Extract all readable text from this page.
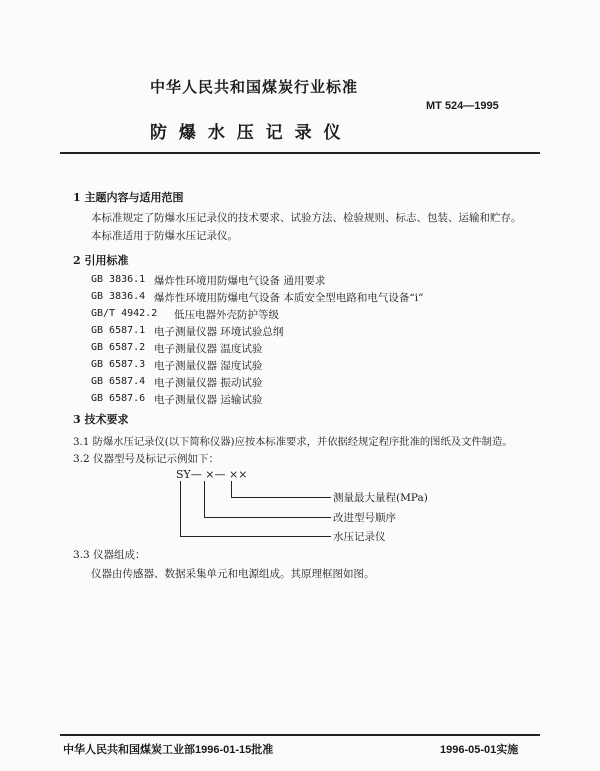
中华人民共和国煤炭行业标准
MT 524—1995
防 爆 水 压 记 录 仪
1 主题内容与适用范围
本标准规定了防爆水压记录仪的技术要求、试验方法、检验规则、标志、包装、运输和贮存。
本标准适用于防爆水压记录仪。
2 引用标准
GB 3836.1 爆炸性环境用防爆电气设备 通用要求
GB 3836.4 爆炸性环境用防爆电气设备 本质安全型电路和电气设备“i”
GB/T 4942.2 低压电器外壳防护等级
GB 6587.1 电子测量仪器 环境试验总纲
GB 6587.2 电子测量仪器 温度试验
GB 6587.3 电子测量仪器 湿度试验
GB 6587.4 电子测量仪器 振动试验
GB 6587.6 电子测量仪器 运输试验
3 技术要求
3.1 防爆水压记录仪(以下简称仪器)应按本标准要求，并依据经规定程序批准的图纸及文件制造。
3.2 仪器型号及标记示例如下：
SY— ×— ××
测量最大量程(MPa)
改进型号顺序
水压记录仪
3.3 仪器组成：
仪器由传感器、数据采集单元和电源组成。其原理框图如图。
中华人民共和国煤炭工业部1996-01-15批准	1996-05-01实施
